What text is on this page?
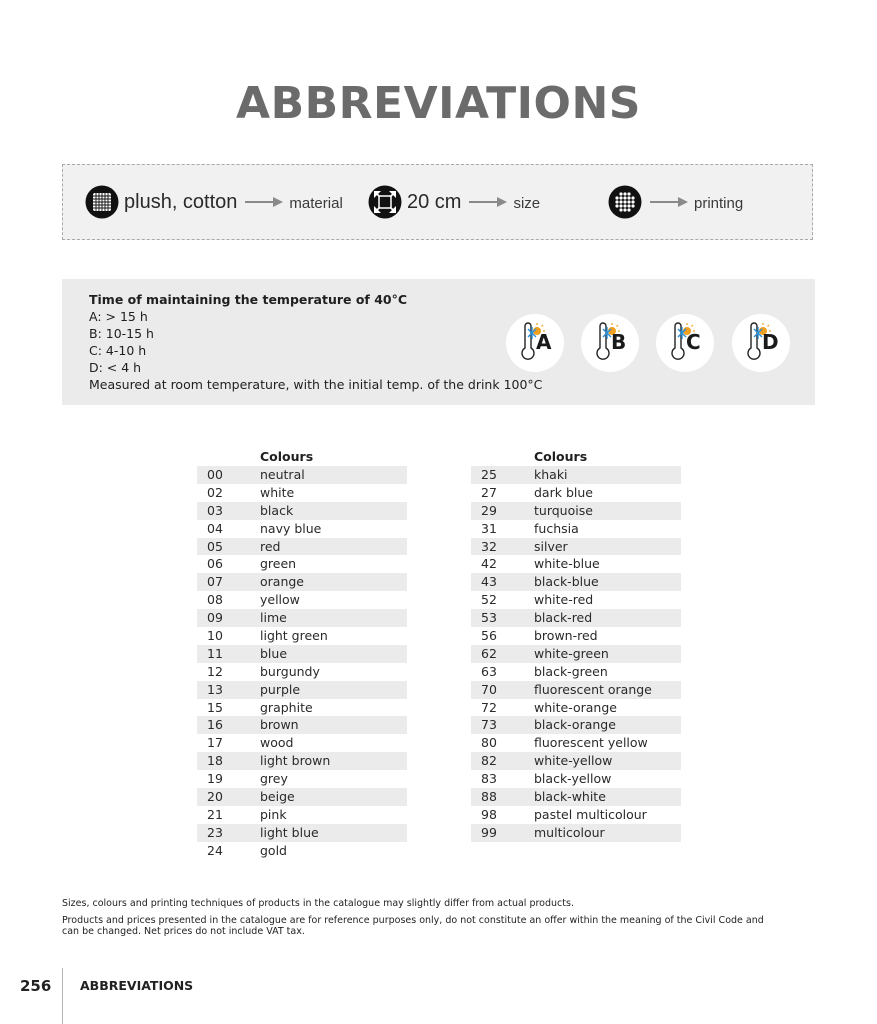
ABBREVIATIONS
plush, cotton	material	20 cm	size	printing
Time of maintaining the temperature of 40°C
A: > 15 h
B: 10-15 h
C: 4-10 h
D: < 4 h
Measured at room temperature, with the initial temp. of the drink 100°C
A	B	C	D
Colours
00	neutral
02	white
03	black
04	navy blue
05	red
06	green
07	orange
08	yellow
09	lime
10	light green
11	blue
12	burgundy
13	purple
15	graphite
16	brown
17	wood
18	light brown
19	grey
20	beige
21	pink
23	light blue
24	gold
Colours
25	khaki
27	dark blue
29	turquoise
31	fuchsia
32	silver
42	white-blue
43	black-blue
52	white-red
53	black-red
56	brown-red
62	white-green
63	black-green
70	fluorescent orange
72	white-orange
73	black-orange
80	fluorescent yellow
82	white-yellow
83	black-yellow
88	black-white
98	pastel multicolour
99	multicolour

Sizes, colours and printing techniques of products in the catalogue may slightly differ from actual products.

Products and prices presented in the catalogue are for reference purposes only, do not constitute an offer within the meaning of the Civil Code and can be changed. Net prices do not include VAT tax.

256 ABBREVIATIONS
